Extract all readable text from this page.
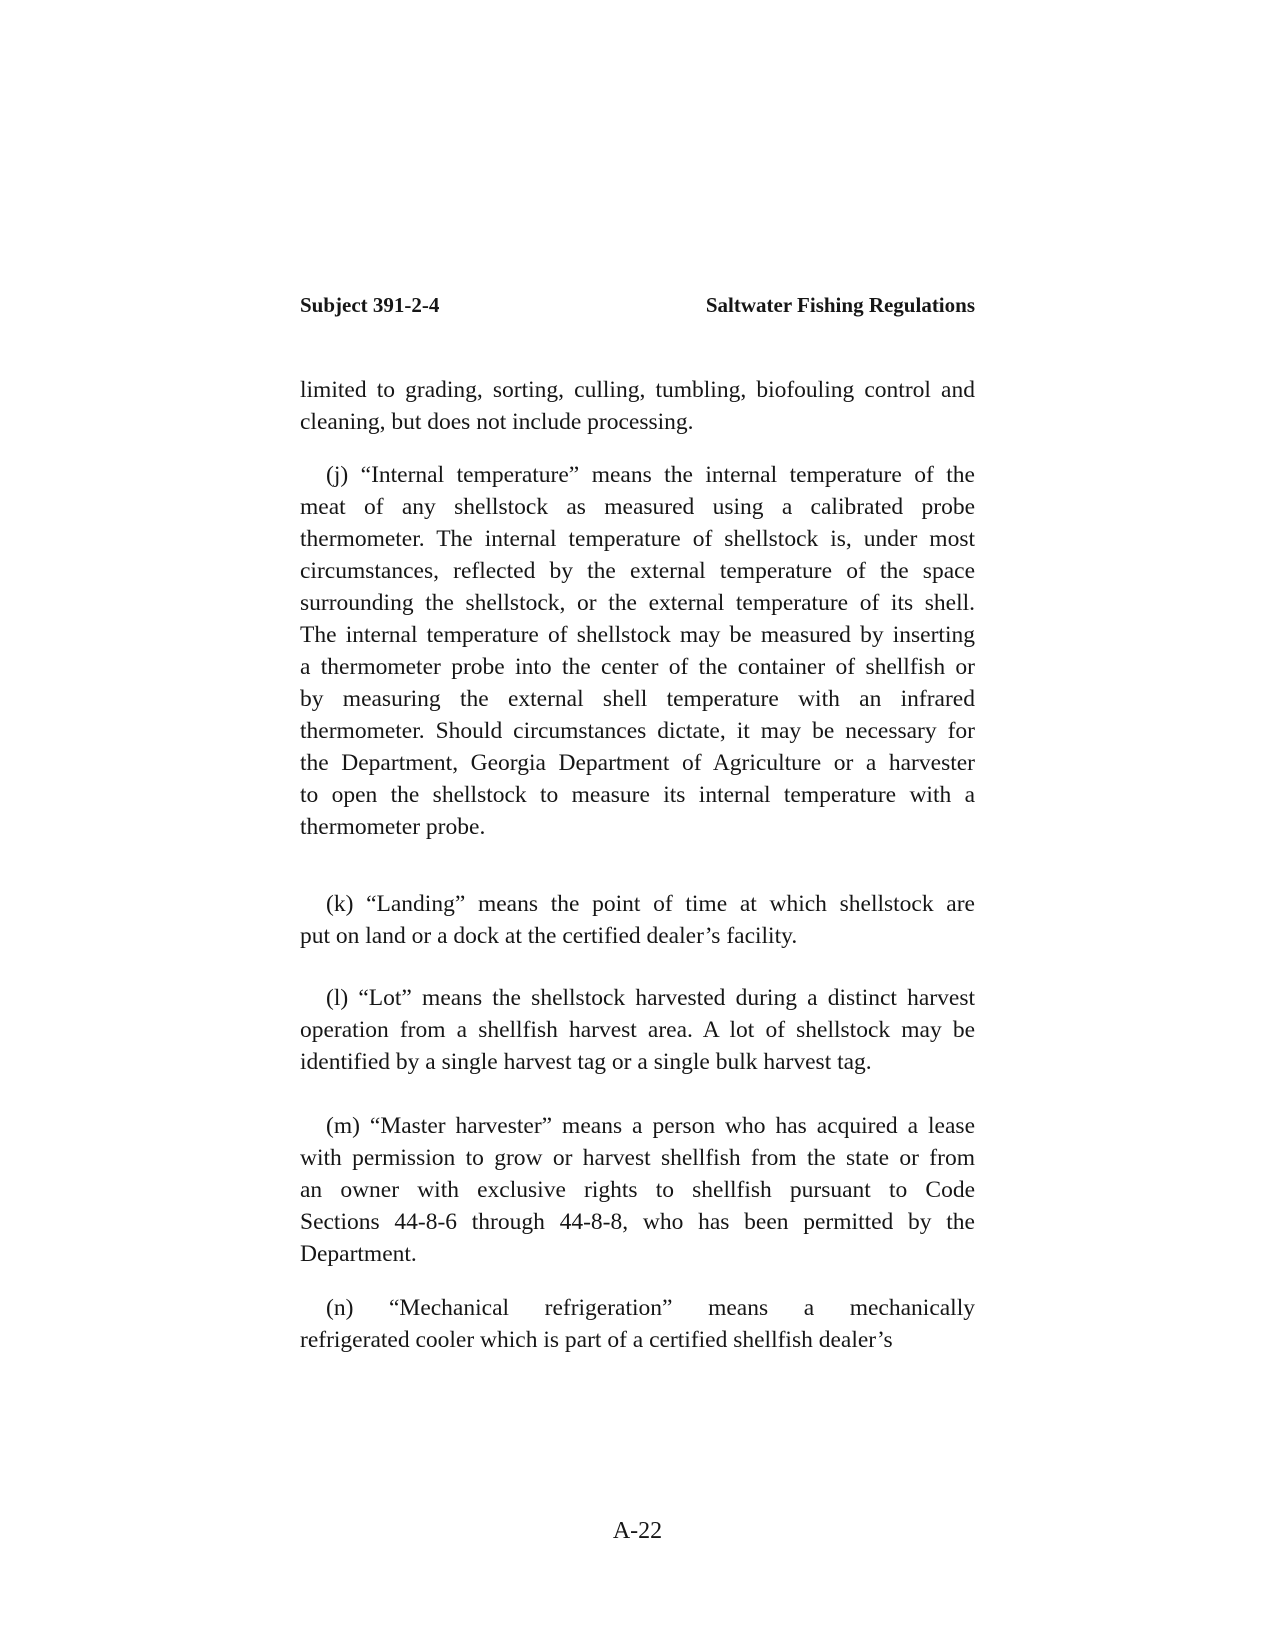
Subject 391-2-4	Saltwater Fishing Regulations
limited to grading, sorting, culling, tumbling, biofouling control and
cleaning, but does not include processing.
(j) “Internal temperature” means the internal temperature of the
meat of any shellstock as measured using a calibrated probe
thermometer. The internal temperature of shellstock is, under most
circumstances, reflected by the external temperature of the space
surrounding the shellstock, or the external temperature of its shell.
The internal temperature of shellstock may be measured by inserting
a thermometer probe into the center of the container of shellfish or
by measuring the external shell temperature with an infrared
thermometer. Should circumstances dictate, it may be necessary for
the Department, Georgia Department of Agriculture or a harvester
to open the shellstock to measure its internal temperature with a
thermometer probe.
(k) “Landing” means the point of time at which shellstock are
put on land or a dock at the certified dealer’s facility.
(l) “Lot” means the shellstock harvested during a distinct harvest
operation from a shellfish harvest area. A lot of shellstock may be
identified by a single harvest tag or a single bulk harvest tag.
(m) “Master harvester” means a person who has acquired a lease
with permission to grow or harvest shellfish from the state or from
an owner with exclusive rights to shellfish pursuant to Code
Sections 44-8-6 through 44-8-8, who has been permitted by the
Department.
(n) “Mechanical refrigeration” means a mechanically
refrigerated cooler which is part of a certified shellfish dealer’s
A-22
